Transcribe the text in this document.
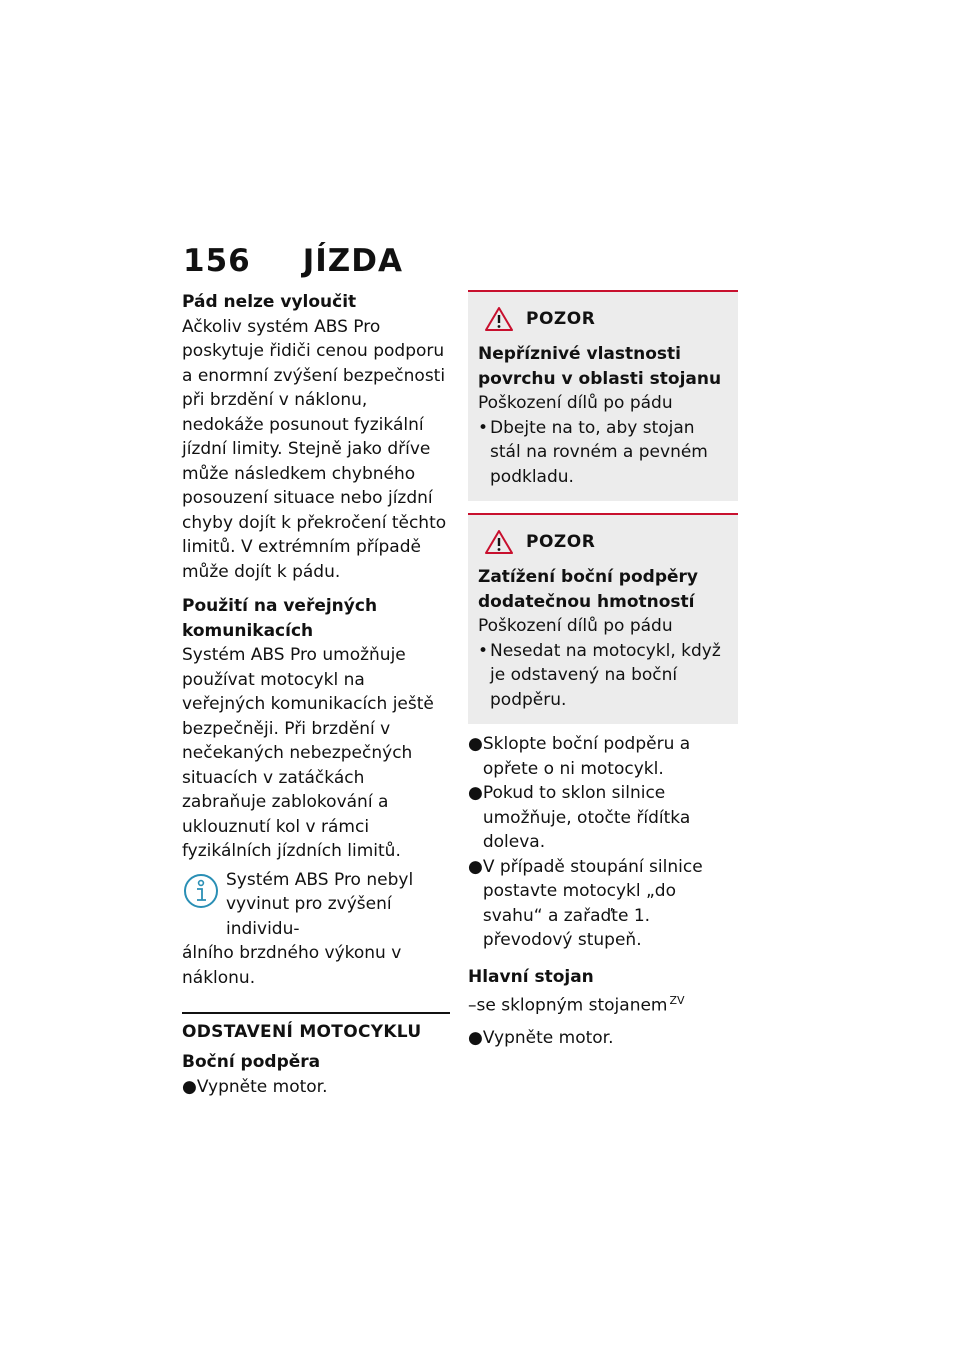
156 JÍZDA

Pád nelze vyloučit

Ačkoliv systém ABS Pro poskytuje řidiči cenou podporu a enormní zvýšení bezpečnosti při brzdění v náklonu, nedokáže posunout fyzikální jízdní limity. Stejně jako dříve může následkem chybného posouzení situace nebo jízdní chyby dojít k překročení těchto limitů. V extrémním případě může dojít k pádu.

Použití na veřejných komunikacích

Systém ABS Pro umožňuje používat motocykl na veřejných komunikacích ještě bezpečněji. Při brzdění v nečekaných nebezpečných situacích v zatáčkách zabraňuje zablokování a uklouznutí kol v rámci fyzikálních jízdních limitů.

Systém ABS Pro nebyl vyvinut pro zvýšení individu-
álního brzdného výkonu v náklonu.

ODSTAVENÍ MOTOCYKLU

Boční podpěra

● Vypněte motor.
POZOR
Nepříznivé vlastnosti povrchu v oblasti stojanu

Poškození dílů po pádu

• Dbejte na to, aby stojan stál na rovném a pevném podkladu.
POZOR
Zatížení boční podpěry dodatečnou hmotností

Poškození dílů po pádu

• Nesedat na motocykl, když je odstavený na boční podpěru.
● Sklopte boční podpěru a opřete o ni motocykl.
● Pokud to sklon silnice umožňuje, otočte řídítka doleva.
● V případě stoupání silnice postavte motocykl „do svahu“ a zařaďte 1. převodový stupeň.

Hlavní stojan

–se sklopným stojanem $^{ZV}$

● Vypněte motor.
